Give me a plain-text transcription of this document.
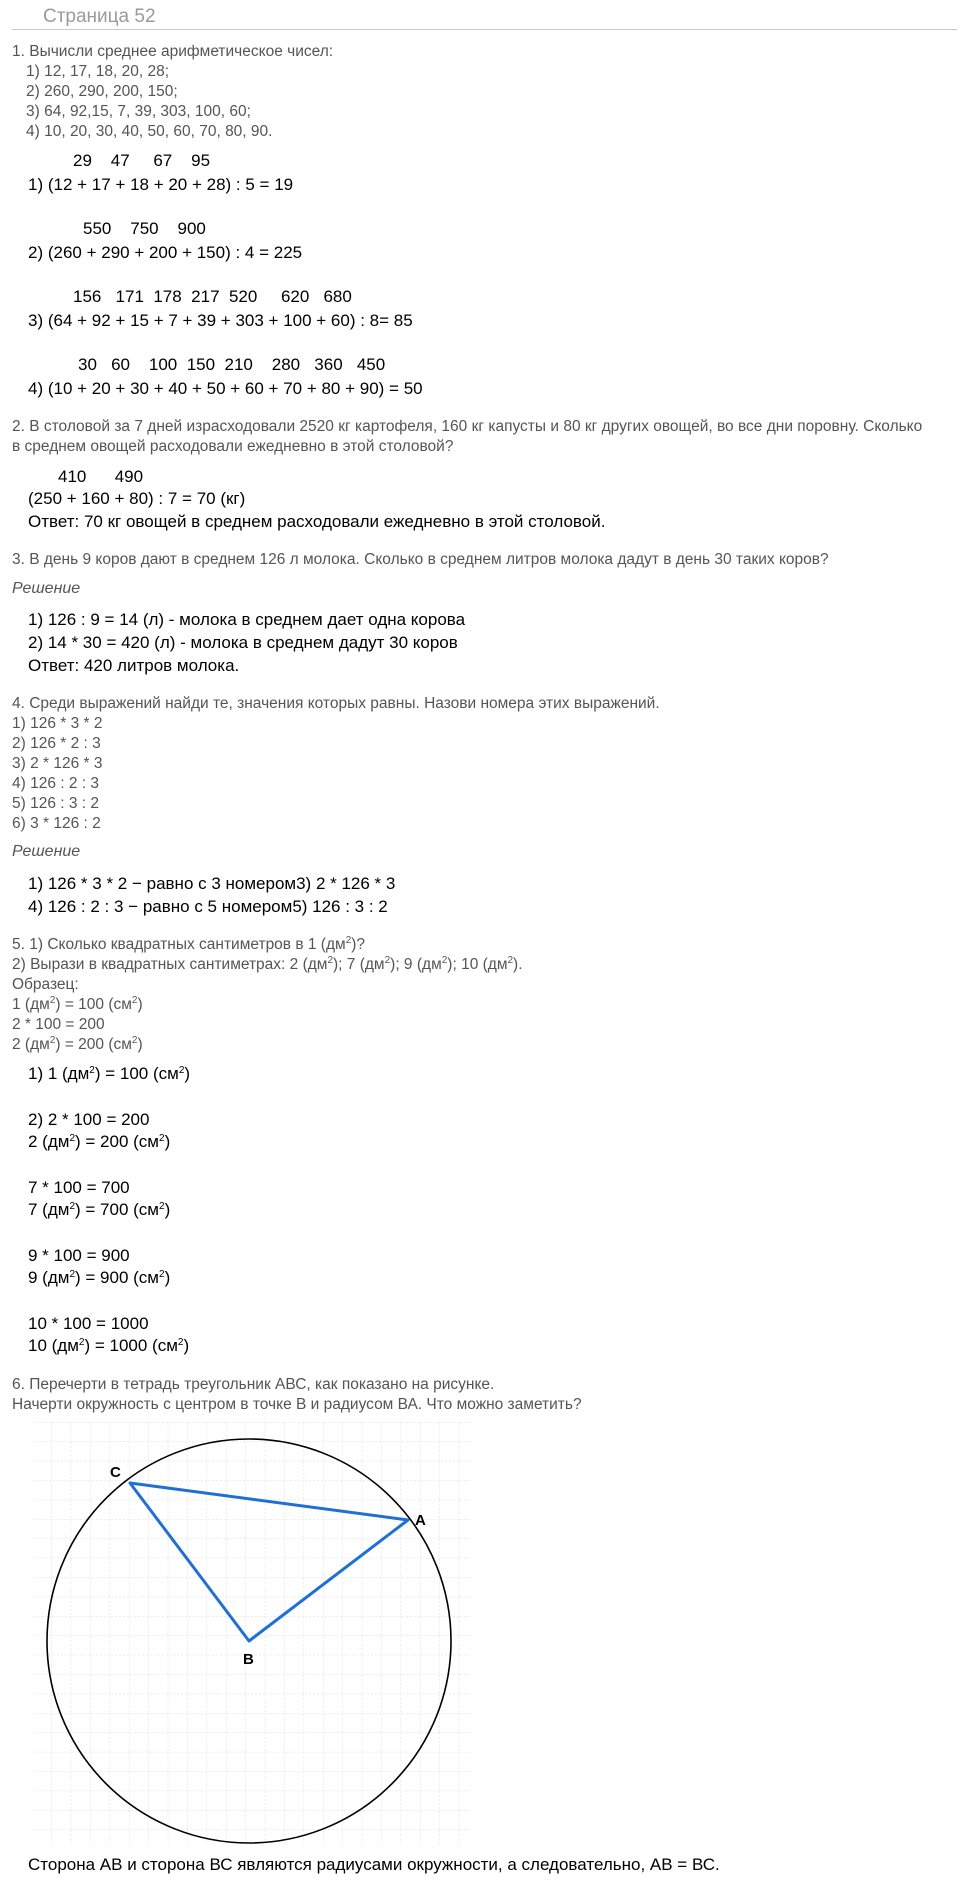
Страница 52
1. Вычисли среднее арифметическое чисел:
1) 12, 17, 18, 20, 28;
2) 260, 290, 200, 150;
3) 64, 92,15, 7, 39, 303, 100, 60;
4) 10, 20, 30, 40, 50, 60, 70, 80, 90.
29    47     67    95
1) (12 + 17 + 18 + 20 + 28) : 5 = 19
550    750    900
2) (260 + 290 + 200 + 150) : 4 = 225
156   171  178  217  520     620   680
3) (64 + 92 + 15 + 7 + 39 + 303 + 100 + 60) : 8= 85
30   60    100  150  210    280   360   450
4) (10 + 20 + 30 + 40 + 50 + 60 + 70 + 80 + 90) = 50
2. В столовой за 7 дней израсходовали 2520 кг картофеля, 160 кг капусты и 80 кг других овощей, во все дни поровну. Сколько
в среднем овощей расходовали ежедневно в этой столовой?
410      490
(250 + 160 + 80) : 7 = 70 (кг)
Ответ: 70 кг овощей в среднем расходовали ежедневно в этой столовой.
3. В день 9 коров дают в среднем 126 л молока. Сколько в среднем литров молока дадут в день 30 таких коров?
Решение
1) 126 : 9 = 14 (л) - молока в среднем дает одна корова
2) 14 * 30 = 420 (л) - молока в среднем дадут 30 коров
Ответ: 420 литров молока.
4. Среди выражений найди те, значения которых равны. Назови номера этих выражений.
1) 126 * 3 * 2
2) 126 * 2 : 3
3) 2 * 126 * 3
4) 126 : 2 : 3
5) 126 : 3 : 2
6) 3 * 126 : 2
Решение
1) 126 * 3 * 2 − равно с 3 номером3) 2 * 126 * 3
4) 126 : 2 : 3 − равно с 5 номером5) 126 : 3 : 2
5. 1) Сколько квадратных сантиметров в 1 $(дм^2)$?
2) Вырази в квадратных сантиметрах: 2 $(дм^2)$; 7 $(дм^2)$; 9 $(дм^2)$; 10 $(дм^2)$.
Образец:
1 $(дм^2) = 100$ $(см^2)$
2 * 100 = 200
2 $(дм^2) = 200$ $(см^2)$
1) 1 $(дм^2) = 100$ $(см^2)$
2) 2 * 100 = 200
2 $(дм^2) = 200$ $(см^2)$
7 * 100 = 700
7 $(дм^2) = 700$ $(см^2)$
9 * 100 = 900
9 $(дм^2) = 900$ $(см^2)$
10 * 100 = 1000
10 $(дм^2) = 1000$ $(см^2)$
6. Перечерти в тетрадь треугольник АВС, как показано на рисунке.
Начерти окружность с центром в точке В и радиусом ВА. Что можно заметить?
C
A
B
Сторона АВ и сторона ВС являются радиусами окружности, а следовательно, АВ = ВС.
